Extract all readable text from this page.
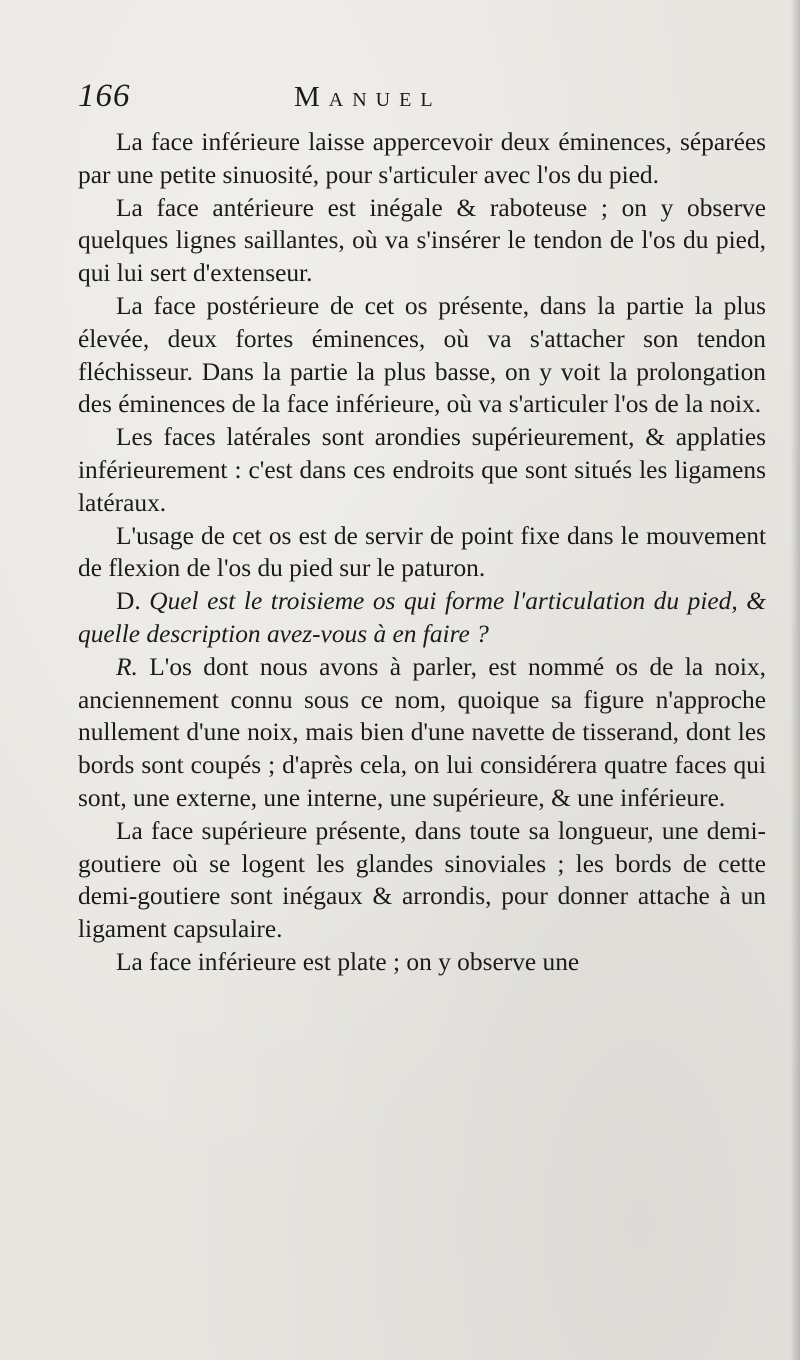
166	Manuel

La face inférieure laisse appercevoir deux éminences, séparées par une petite sinuosité, pour s'articuler avec l'os du pied.

La face antérieure est inégale & raboteuse ; on y observe quelques lignes saillantes, où va s'insérer le tendon de l'os du pied, qui lui sert d'extenseur.

La face postérieure de cet os présente, dans la partie la plus élevée, deux fortes éminences, où va s'attacher son tendon fléchisseur. Dans la partie la plus basse, on y voit la prolongation des éminences de la face inférieure, où va s'articuler l'os de la noix.

Les faces latérales sont arondies supérieurement, & applaties inférieurement : c'est dans ces endroits que sont situés les ligamens latéraux.

L'usage de cet os est de servir de point fixe dans le mouvement de flexion de l'os du pied sur le paturon.

D. Quel est le troisieme os qui forme l'articulation du pied, & quelle description avez-vous à en faire ?

R. L'os dont nous avons à parler, est nommé os de la noix, anciennement connu sous ce nom, quoique sa figure n'approche nullement d'une noix, mais bien d'une navette de tisserand, dont les bords sont coupés ; d'après cela, on lui considérera quatre faces qui sont, une externe, une interne, une supérieure, & une inférieure.

La face supérieure présente, dans toute sa longueur, une demi-goutiere où se logent les glandes sinoviales ; les bords de cette demi-goutiere sont inégaux & arrondis, pour donner attache à un ligament capsulaire.

La face inférieure est plate ; on y observe une
